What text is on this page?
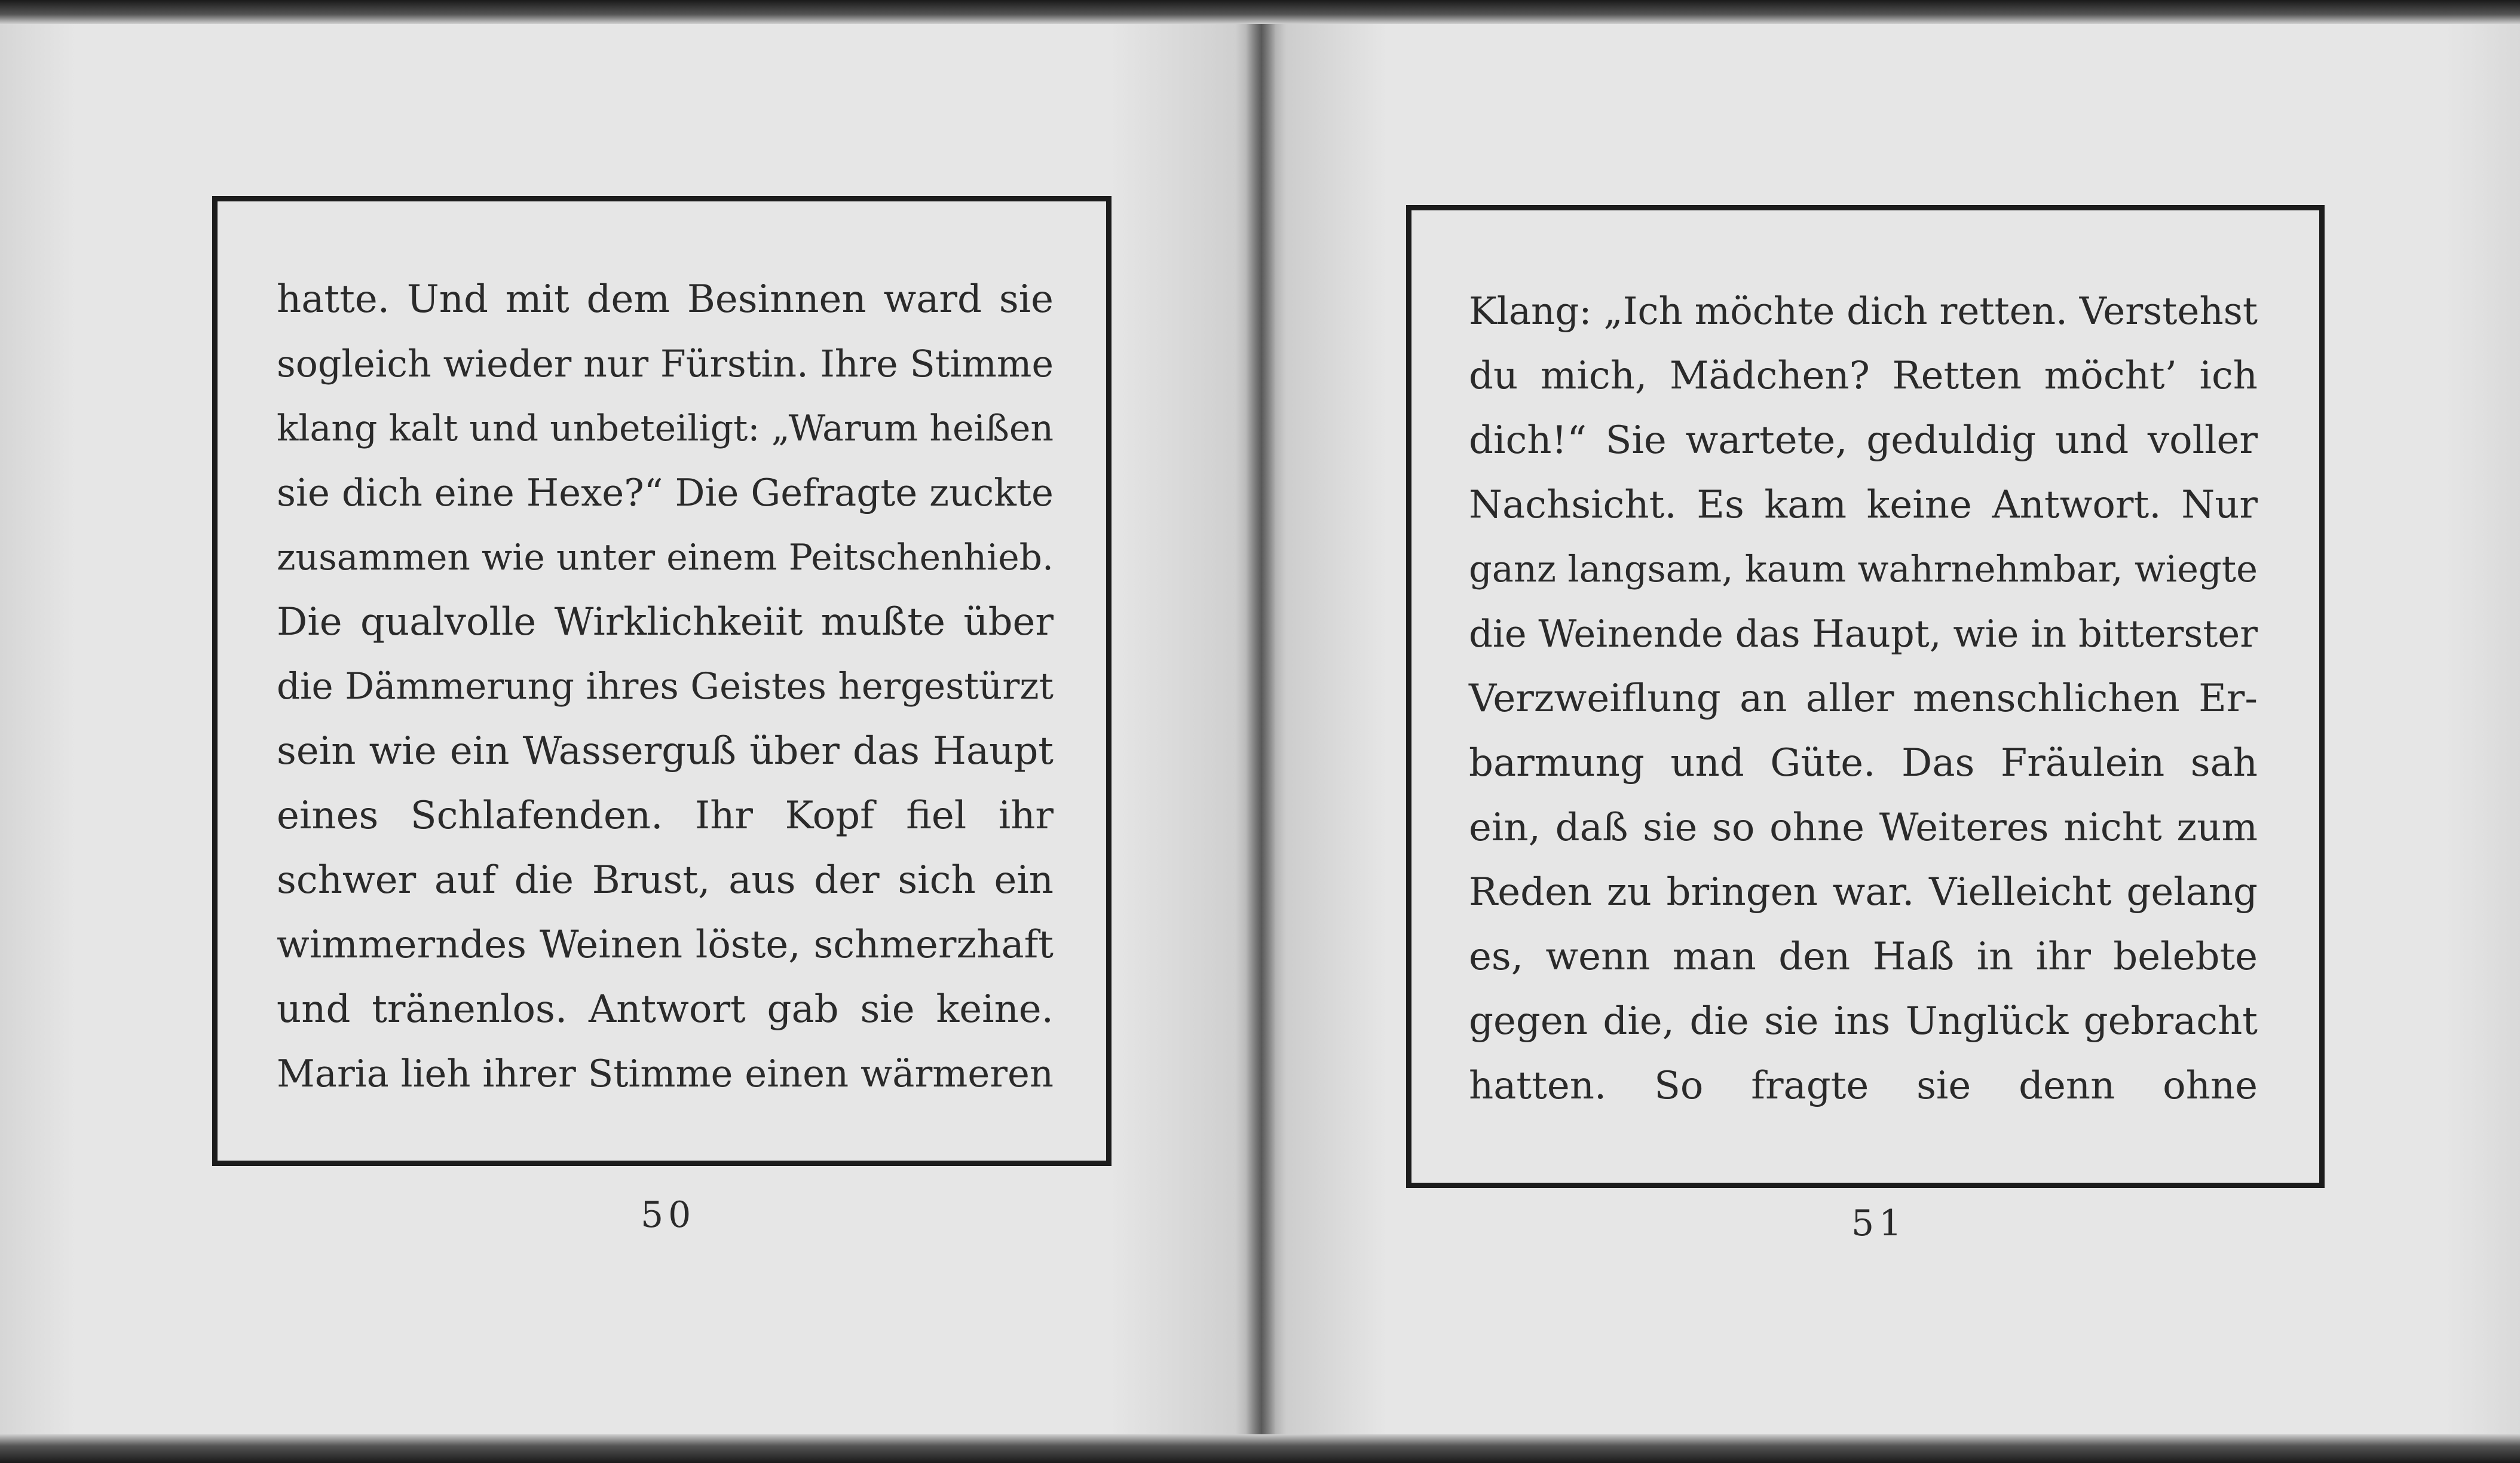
hatte. Und mit dem Besinnen ward sie
sogleich wieder nur Fürstin. Ihre Stimme
klang kalt und unbeteiligt: „Warum heißen
sie dich eine Hexe?“ Die Gefragte zuckte
zusammen wie unter einem Peitschenhieb.
Die qualvolle Wirklichkeiit mußte über
die Dämmerung ihres Geistes hergestürzt
sein wie ein Wasserguß über das Haupt
eines Schlafenden. Ihr Kopf fiel ihr
schwer auf die Brust, aus der sich ein
wimmerndes Weinen löste, schmerzhaft
und tränenlos. Antwort gab sie keine.
Maria lieh ihrer Stimme einen wärmeren
Klang: „Ich möchte dich retten. Verstehst
du mich, Mädchen? Retten möcht’ ich
dich!“ Sie wartete, geduldig und voller
Nachsicht. Es kam keine Antwort. Nur
ganz langsam, kaum wahrnehmbar, wiegte
die Weinende das Haupt, wie in bitterster
Verzweiflung an aller menschlichen Er-
barmung und Güte. Das Fräulein sah
ein, daß sie so ohne Weiteres nicht zum
Reden zu bringen war. Vielleicht gelang
es, wenn man den Haß in ihr belebte
gegen die, die sie ins Unglück gebracht
hatten. So fragte sie denn ohne
50	51
